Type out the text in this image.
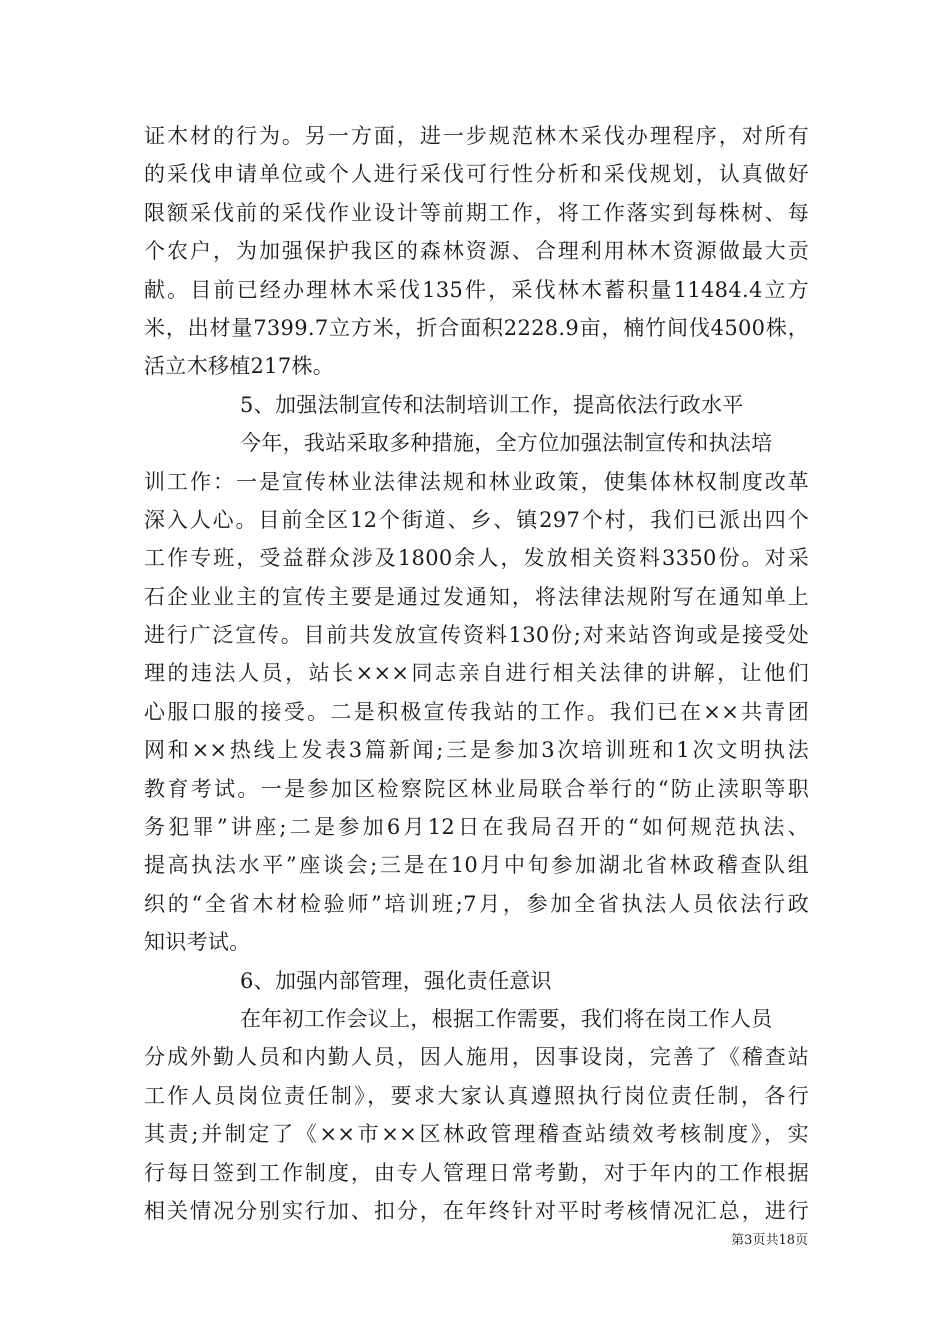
证木材的行为。另一方面，进一步规范林木采伐办理程序，对所有
的采伐申请单位或个人进行采伐可行性分析和采伐规划，认真做好
限额采伐前的采伐作业设计等前期工作，将工作落实到每株树、每
个农户，为加强保护我区的森林资源、合理利用林木资源做最大贡
献。目前已经办理林木采伐135件，采伐林木蓄积量11484.4立方
米，出材量7399.7立方米，折合面积2228.9亩，楠竹间伐4500株，
活立木移植217株。
5、加强法制宣传和法制培训工作，提高依法行政水平
今年，我站采取多种措施，全方位加强法制宣传和执法培
训工作：一是宣传林业法律法规和林业政策，使集体林权制度改革
深入人心。目前全区12个街道、乡、镇297个村，我们已派出四个
工作专班，受益群众涉及1800余人，发放相关资料3350份。对采
石企业业主的宣传主要是通过发通知，将法律法规附写在通知单上
进行广泛宣传。目前共发放宣传资料130份;对来站咨询或是接受处
理的违法人员，站长×××同志亲自进行相关法律的讲解，让他们
心服口服的接受。二是积极宣传我站的工作。我们已在××共青团
网和××热线上发表3篇新闻;三是参加3次培训班和1次文明执法
教育考试。一是参加区检察院区林业局联合举行的“防止渎职等职
务犯罪”讲座;二是参加6月12日在我局召开的“如何规范执法、
提高执法水平”座谈会;三是在10月中旬参加湖北省林政稽查队组
织的“全省木材检验师”培训班;7月，参加全省执法人员依法行政
知识考试。
6、加强内部管理，强化责任意识
在年初工作会议上，根据工作需要，我们将在岗工作人员
分成外勤人员和内勤人员，因人施用，因事设岗，完善了《稽查站
工作人员岗位责任制》，要求大家认真遵照执行岗位责任制，各行
其责;并制定了《××市××区林政管理稽查站绩效考核制度》，实
行每日签到工作制度，由专人管理日常考勤，对于年内的工作根据
相关情况分别实行加、扣分，在年终针对平时考核情况汇总，进行
第3页共18页
